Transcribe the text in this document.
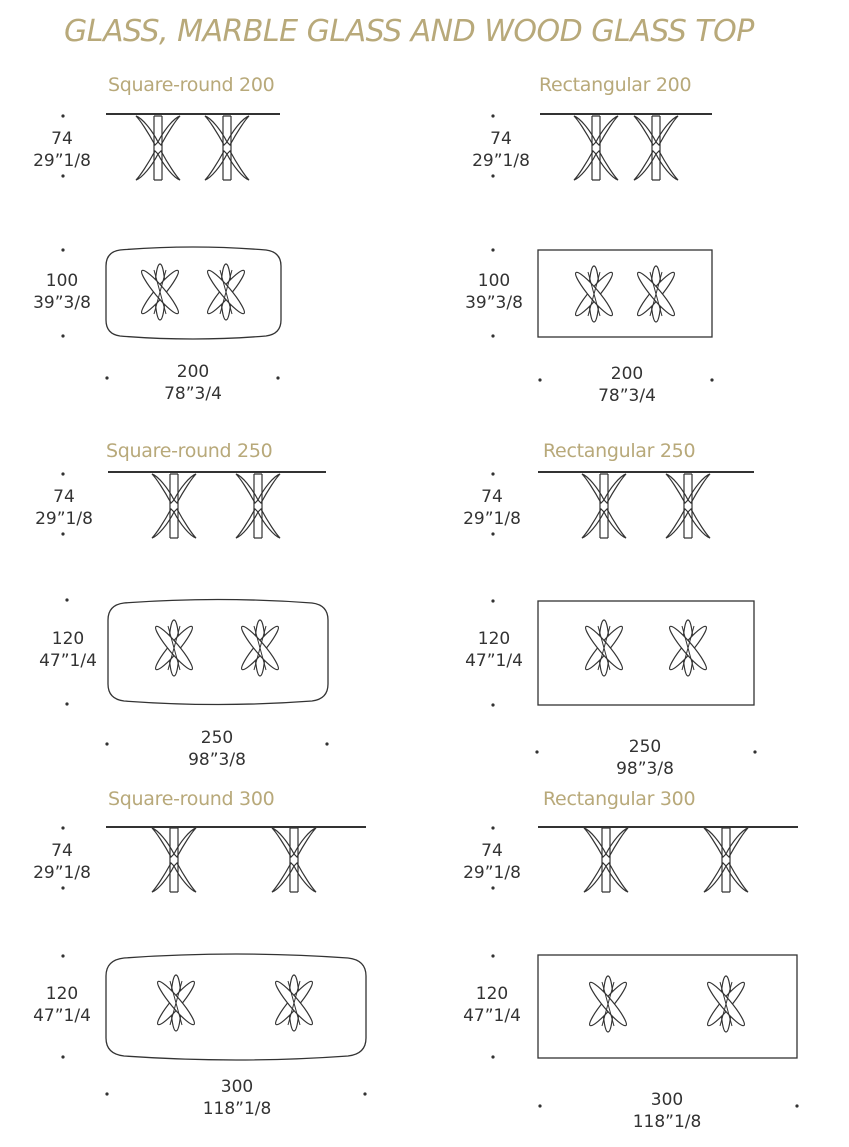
GLASS, MARBLE GLASS AND WOOD GLASS TOP
Square-round 200
74
29”1/8
100
39”3/8
200
78”3/4
Rectangular 200
74
29”1/8
100
39”3/8
200
78”3/4
Square-round 250
74
29”1/8
120
47”1/4
250
98”3/8
Rectangular 250
74
29”1/8
120
47”1/4
250
98”3/8
Square-round 300
74
29”1/8
120
47”1/4
300
118”1/8
Rectangular 300
74
29”1/8
120
47”1/4
300
118”1/8
